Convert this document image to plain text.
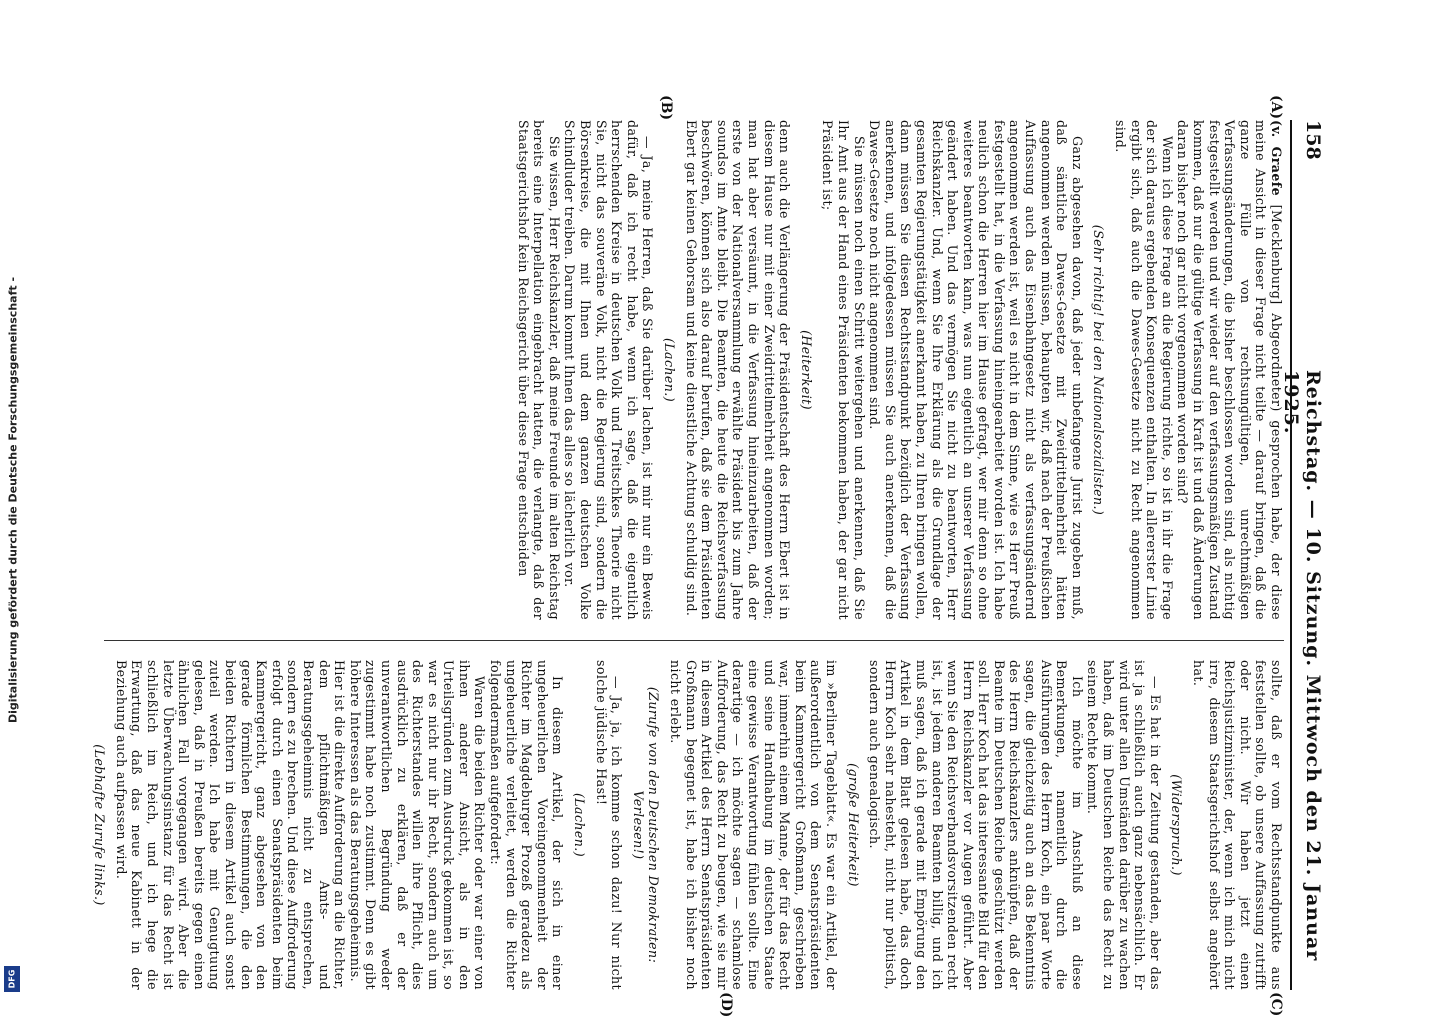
158
Reichstag. — 10. Sitzung. Mittwoch den 21. Januar 1925.
(A)
(B)
(C)
(D)

(v. Graefe [Mecklenburg] Abgeordneter) gesprochen habe, der diese meine Ansicht in dieser Frage nicht teilte — darauf bringen, daß die ganze Fülle von rechtsungültigen, unrechtmäßigen Verfassungsänderungen, die bisher beschlossen worden sind, als nichtig festgestellt werden und wir wieder auf den verfassungsmäßigen Zustand kommen, daß nur die gültige Verfassung in Kraft ist und daß Änderungen daran bisher noch gar nicht vorgenommen worden sind?

Wenn ich diese Frage an die Regierung richte, so ist in ihr die Frage der sich daraus ergebenden Konsequenzen enthalten. In allererster Linie ergibt sich, daß auch die Dawes-Gesetze nicht zu Recht angenommen sind.

(Sehr richtig! bei den Nationalsozialisten.)

Ganz abgesehen davon, daß jeder unbefangene Jurist zugeben muß, daß sämtliche Dawes-Gesetze mit Zweidrittelmehrheit hätten angenommen werden müssen, behaupten wir, daß nach der Preußischen Auffassung auch das Eisenbahngesetz nicht als verfassungsändernd angenommen werden ist, weil es nicht in dem Sinne, wie es Herr Preuß festgestellt hat, in die Verfassung hineingearbeitet worden ist. Ich habe neulich schon die Herren hier im Hause gefragt, wer mir denn so ohne weiteres beantworten kann, was nun eigentlich an unserer Verfassung geändert haben. Und das vermögen Sie nicht zu beantworten, Herr Reichskanzler. Und, wenn Sie Ihre Erklärung als die Grundlage der gesamten Regierungstätigkeit anerkannt haben, zu Ihren bringen wollen, dann müssen Sie diesen Rechtsstandpunkt bezüglich der Verfassung anerkennen, und infolgedessen müssen Sie auch anerkennen, daß die Dawes-Gesetze noch nicht angenommen sind.

Sie müssen noch einen Schritt weitergehen und anerkennen, daß Sie Ihr Amt aus der Hand eines Präsidenten bekommen haben, der gar nicht Präsident ist;

(Heiterkeit)

denn auch die Verlängerung der Präsidentschaft des Herrn Ebert ist in diesem Hause nur mit einer Zweidrittelmehrheit angenommen worden; man hat aber versäumt, in die Verfassung hineinzuarbeiten, daß der erste von der Nationalversammlung erwählte Präsident bis zum Jahre soundso im Amte bleibt. Die Beamten, die heute die Reichsverfassung beschwören, können sich also darauf berufen, daß sie dem Präsidenten Ebert gar keinen Gehorsam und keine dienstliche Achtung schuldig sind.

(Lachen.)

— Ja, meine Herren, daß Sie darüber lachen, ist mir nur ein Beweis dafür, daß ich recht habe, wenn ich sage, daß die eigentlich herrschenden Kreise in deutschen Volk und Treitschkes Theorie nicht Sie, nicht das souveräne Volk, nicht die Regierung sind, sondern die Börsenkreise, die mit Ihnen und dem ganzen deutschen Volke Schindluder treiben. Darum kommt Ihnen das alles so lächerlich vor.

Sie wissen, Herr Reichskanzler, daß meine Freunde im alten Reichstag bereits eine Interpellation eingebracht hatten, die verlangte, daß der Staatsgerichtshof kein Reichsgericht über diese Frage entscheiden

sollte, daß er vom Rechtsstandpunkte aus feststellen sollte, ob unsere Auffassung zutrifft oder nicht. Wir haben jetzt einen Reichsjustizminister, der, wenn ich mich nicht irre, diesem Staatsgerichtshof selbst angehört hat.

(Widerspruch.)

— Es hat in der Zeitung gestanden, aber das ist ja schließlich auch ganz nebensächlich. Er wird unter allen Umständen darüber zu wachen haben, daß im Deutschen Reiche das Recht zu seinem Rechte kommt.

Ich möchte im Anschluß an diese Bemerkungen, namentlich durch die Ausführungen des Herrn Koch, ein paar Worte sagen, die gleichzeitig auch an das Bekenntnis des Herrn Reichskanzlers anknüpfen, daß der Beamte im Deutschen Reiche geschützt werden soll. Herr Koch hat das interessante Bild für den Herrn Reichskanzler vor Augen geführt. Aber wenn Sie den Reichsverbandsvorsitzenden recht ist, ist jedem anderen Beamten billig, und ich muß sagen, daß ich gerade mit Empörung den Artikel in dem Blatt gelesen habe, das doch Herrn Koch sehr nahesteht, nicht nur politisch, sondern auch genealogisch.

(große Heiterkeit)

im »Berliner Tageblatt«. Es war ein Artikel, der außerordentlich von dem Senatspräsidenten beim Kammergericht Großmann, geschrieben war, immerhin einem Manne, der für das Recht und seine Handhabung im deutschen Staate eine gewisse Verantwortung fühlen sollte. Eine derartige — ich möchte sagen — schamlose Aufforderung, das Recht zu beugen, wie sie mir in diesem Artikel des Herrn Senatspräsidenten Großmann begegnet ist, habe ich bisher noch nicht erlebt.

(Zurufe von den Deutschen Demokraten: Verlesen!)

— Ja, ja, ich komme schon dazu! Nur nicht solche jüdische Hast!

(Lachen.)

In diesem Artikel, der sich in einer ungeheuerlichen Voreingenommenheit der Richter im Magdeburger Prozeß geradezu als ungeheuerliche verleitet, werden die Richter folgendermaßen aufgefordert:

Waren die beiden Richter oder war einer von ihnen anderer Ansicht, als in den Urteilsgründen zum Ausdruck gekommen ist, so war es nicht nur ihr Recht, sondern auch um des Richterstandes willen ihre Pflicht, dies ausdrücklich zu erklären, daß er der unverantwortlichen Begründung weder zugestimmt habe noch zustimmt. Denn es gibt höhere Interessen als das Beratungsgeheimnis.

Hier ist die direkte Aufforderung an die Richter, dem pflichtmäßigen Amts- und Beratungsgeheimnis nicht zu entsprechen, sondern es zu brechen. Und diese Aufforderung erfolgt durch einen Senatspräsidenten beim Kammergericht, ganz abgesehen von den gerade förmlichen Bestimmungen, die den beiden Richtern in diesem Artikel auch sonst zuteil werden. Ich habe mit Genugtuung gelesen, daß in Preußen bereits gegen einen ähnlichen Fall vorgegangen wird. Aber die letzte Überwachungsinstanz für das Recht ist schließlich im Reich, und ich hege die Erwartung, daß das neue Kabinett in der Beziehung auch aufpassen wird.

(Lebhafte Zurufe links.)

Digitalisierung gefördert durch die Deutsche Forschungsgemeinschaft -
DFG
